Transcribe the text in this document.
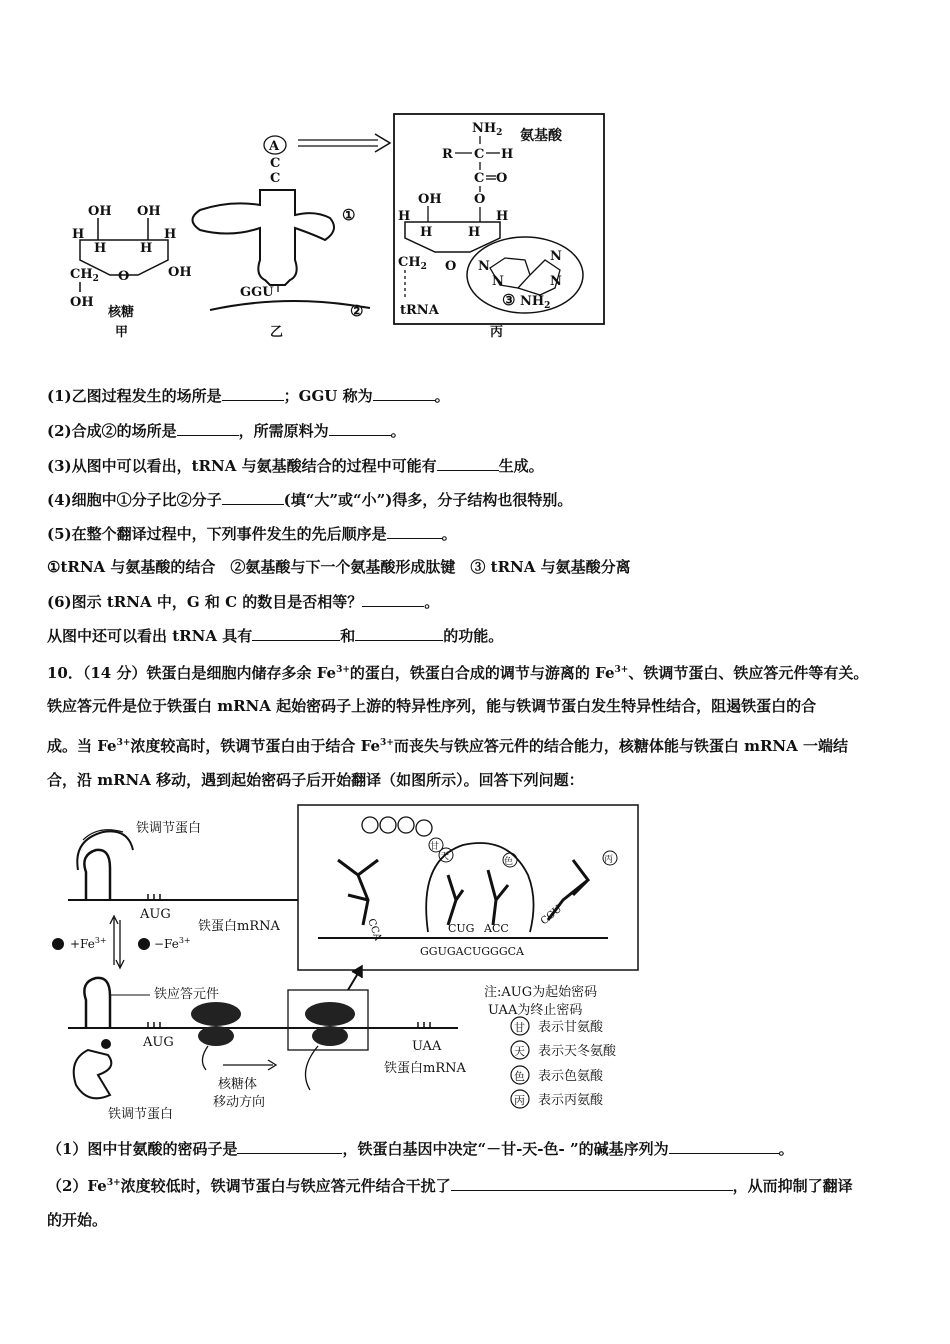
OH OH
H
H	H
H
$CH_2$ O	OH
OH
核糖
甲
A
C
C
①
GGU
②
乙
$NH_2$ 氨基酸
R C H
C O
O
OH
H
H	H
H
$CH_2$ O
tRNA
N
N
N
N
③ $NH_2$
丙
(1)乙图过程发生的场所是	；GGU 称为	。
(2)合成②的场所是	，所需原料为	。
(3)从图中可以看出，tRNA 与氨基酸结合的过程中可能有	生成。
(4)细胞中①分子比②分子	(填“大”或“小”)得多，分子结构也很特别。
(5)在整个翻译过程中，下列事件发生的先后顺序是	。
①tRNA 与氨基酸的结合　②氨基酸与下一个氨基酸形成肽键　③ tRNA 与氨基酸分离
(6)图示 tRNA 中，G 和 C 的数目是否相等？	。
从图中还可以看出 tRNA 具有	和	的功能。
10．（14 分）铁蛋白是细胞内储存多余 $Fe^{3+}$的蛋白，铁蛋白合成的调节与游离的 $Fe^{3+}$、铁调节蛋白、铁应答元件等有关。
铁应答元件是位于铁蛋白 mRNA 起始密码子上游的特异性序列，能与铁调节蛋白发生特异性结合，阻遏铁蛋白的合
成。当 $Fe^{3+}$浓度较高时，铁调节蛋白由于结合 $Fe^{3+}$而丧失与铁应答元件的结合能力，核糖体能与铁蛋白 mRNA 一端结
合，沿 mRNA 移动，遇到起始密码子后开始翻译（如图所示）。回答下列问题：
铁调节蛋白
AUG
铁蛋白mRNA
$+Fe^{3+}$	$-Fe^{3+}$
铁应答元件
AUG
铁调节蛋白
UAA
铁蛋白mRNA
核糖体
移动方向
CCA
甘
天	色
CUG ACC
丙
CCU
GGUGACUGGGCA
注:AUG为起始密码
UAA为终止密码
甘 表示甘氨酸
天 表示天冬氨酸
色 表示色氨酸
丙 表示丙氨酸
（1）图中甘氨酸的密码子是	，铁蛋白基因中决定“－甘-天-色- ”的碱基序列为	。
$(2)Fe^{3+}$浓度较低时，铁调节蛋白与铁应答元件结合干扰了	，从而抑制了翻译
的开始。
